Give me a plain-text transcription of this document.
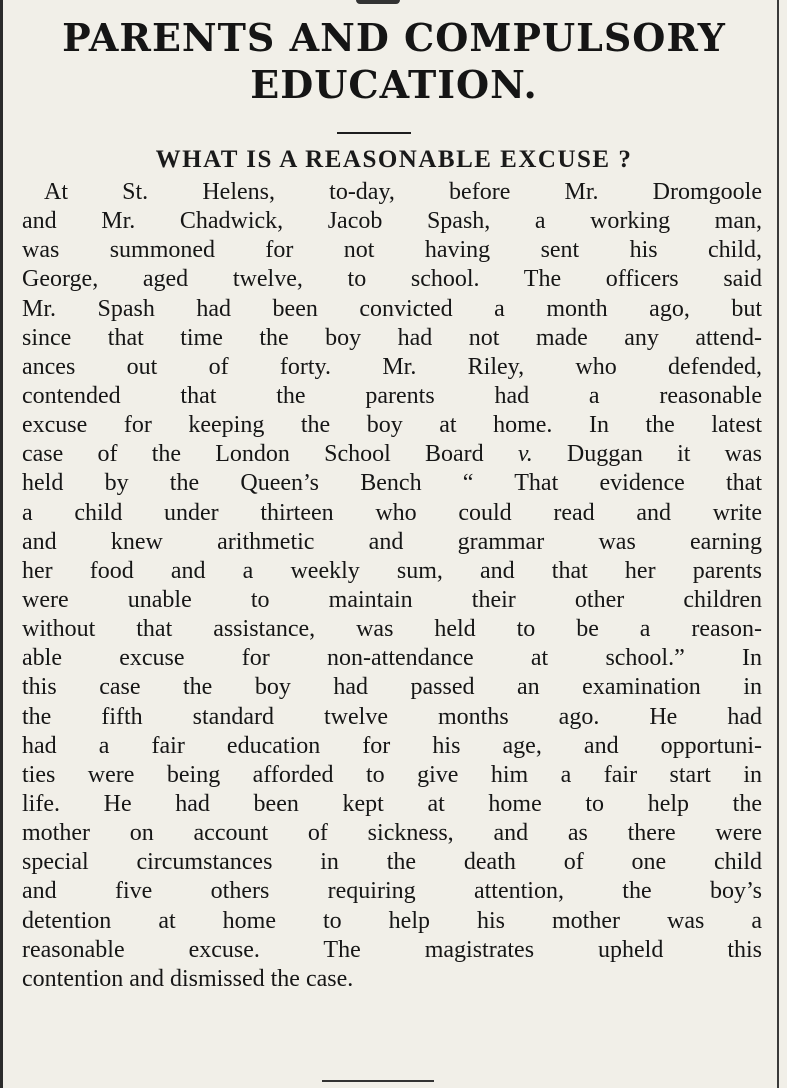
PARENTS AND COMPULSORY
EDUCATION.
WHAT IS A REASONABLE EXCUSE ?
At St. Helens, to-day, before Mr. Dromgoole
and Mr. Chadwick, Jacob Spash, a working man,
was summoned for not having sent his child,
George, aged twelve, to school. The officers said
Mr. Spash had been convicted a month ago, but
since that time the boy had not made any attend-
ances out of forty. Mr. Riley, who defended,
contended that the parents had a reasonable
excuse for keeping the boy at home. In the latest
case of the London School Board v. Duggan it was
held by the Queen’s Bench “ That evidence that
a child under thirteen who could read and write
and knew arithmetic and grammar was earning
her food and a weekly sum, and that her parents
were unable to maintain their other children
without that assistance, was held to be a reason-
able excuse for non-attendance at school.” In
this case the boy had passed an examination in
the fifth standard twelve months ago. He had
had a fair education for his age, and opportuni-
ties were being afforded to give him a fair start in
life. He had been kept at home to help the
mother on account of sickness, and as there were
special circumstances in the death of one child
and five others requiring attention, the boy’s
detention at home to help his mother was a
reasonable excuse. The magistrates upheld this
contention and dismissed the case.
